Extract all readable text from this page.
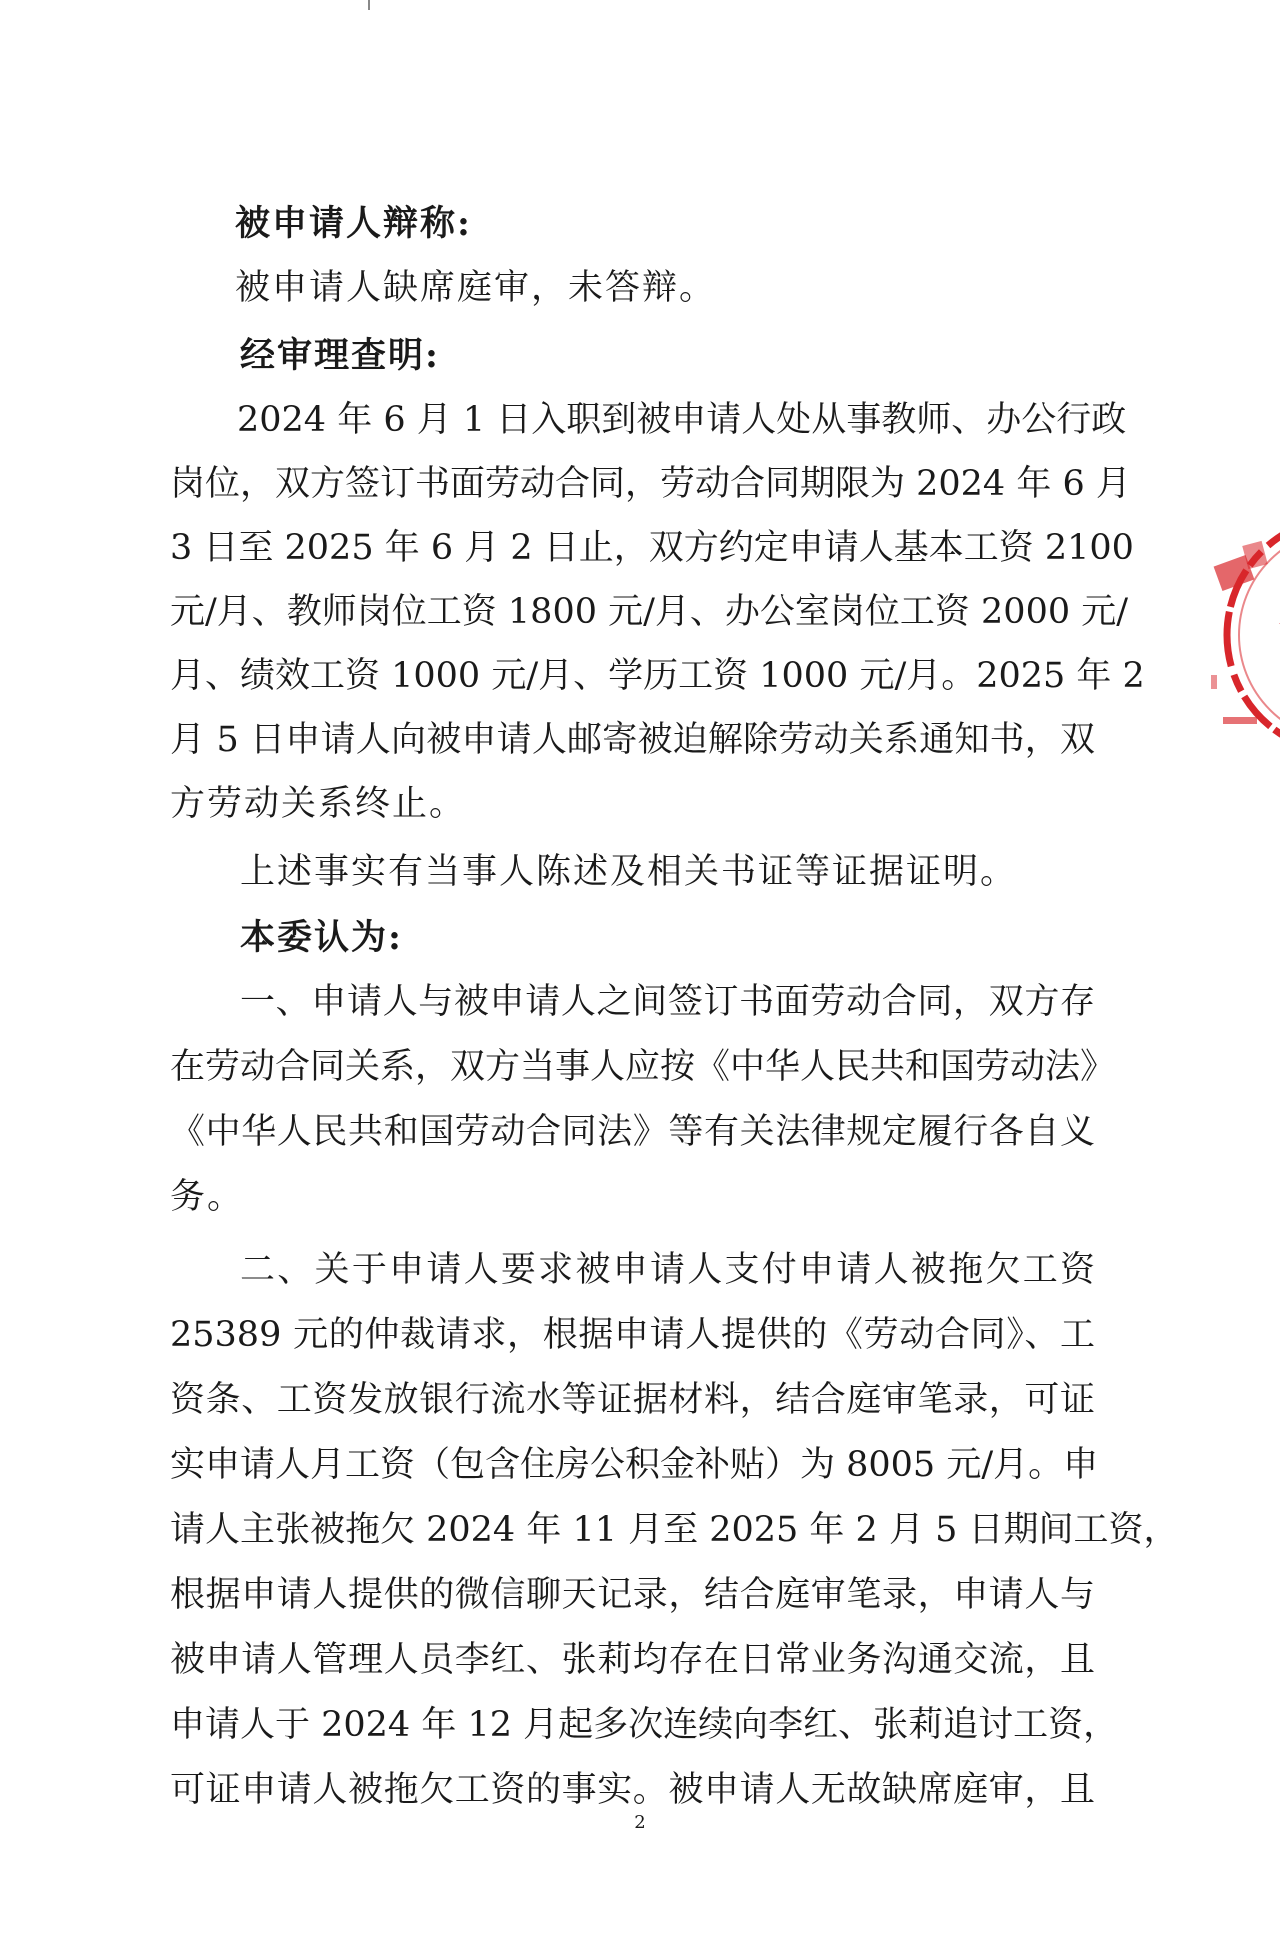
被申请人辩称:
被申请人缺席庭审，未答辩。
经审理查明:
2024 年 6 月 1 日入职到被申请人处从事教师、办公行政
岗位，双方签订书面劳动合同，劳动合同期限为 2024 年 6 月
3 日至 2025 年 6 月 2 日止，双方约定申请人基本工资 2100
元/月、教师岗位工资 1800 元/月、办公室岗位工资 2000 元/
月、绩效工资 1000 元/月、学历工资 1000 元/月。2025 年 2
月 5 日申请人向被申请人邮寄被迫解除劳动关系通知书，双
方劳动关系终止。
上述事实有当事人陈述及相关书证等证据证明。
本委认为:
一、申请人与被申请人之间签订书面劳动合同，双方存
在劳动合同关系，双方当事人应按《中华人民共和国劳动法》
《中华人民共和国劳动合同法》等有关法律规定履行各自义
务。
二、关于申请人要求被申请人支付申请人被拖欠工资
25389 元的仲裁请求，根据申请人提供的《劳动合同》、工
资条、工资发放银行流水等证据材料，结合庭审笔录，可证
实申请人月工资（包含住房公积金补贴）为 8005 元/月。申
请人主张被拖欠 2024 年 11 月至 2025 年 2 月 5 日期间工资，
根据申请人提供的微信聊天记录，结合庭审笔录，申请人与
被申请人管理人员李红、张莉均存在日常业务沟通交流，且
申请人于 2024 年 12 月起多次连续向李红、张莉追讨工资，
可证申请人被拖欠工资的事实。被申请人无故缺席庭审，且
2
